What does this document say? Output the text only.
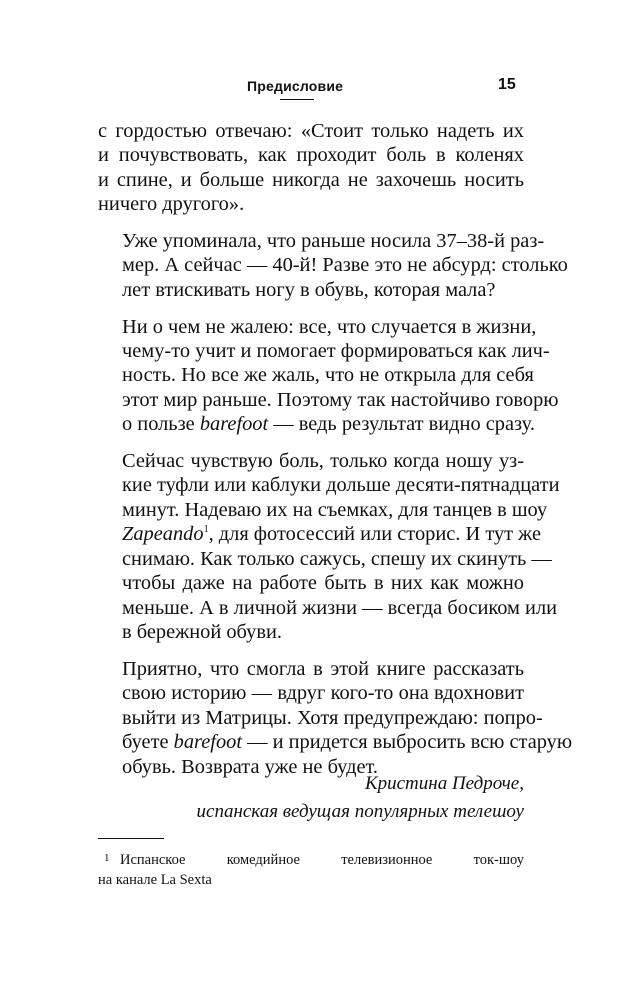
Предисловие	15

с гордостью отвечаю: «Стоит только надеть их
и почувствовать, как проходит боль в коленях
и спине, и больше никогда не захочешь носить
ничего другого».

Уже упоминала, что раньше носила 37–38-й раз-
мер. А сейчас — 40-й! Разве это не абсурд: столько
лет втискивать ногу в обувь, которая мала?

Ни о чем не жалею: все, что случается в жизни,
чему-то учит и помогает формироваться как лич-
ность. Но все же жаль, что не открыла для себя
этот мир раньше. Поэтому так настойчиво говорю
о пользе barefoot — ведь результат видно сразу.

Сейчас чувствую боль, только когда ношу уз-
кие туфли или каблуки дольше десяти-пятнадцати
минут. Надеваю их на съемках, для танцев в шоу
Zapeando$^1$, для фотосессий или сторис. И тут же
снимаю. Как только сажусь, спешу их скинуть —
чтобы даже на работе быть в них как можно
меньше. А в личной жизни — всегда босиком или
в бережной обуви.

Приятно, что смогла в этой книге рассказать
свою историю — вдруг кого-то она вдохновит
выйти из Матрицы. Хотя предупреждаю: попро-
буете barefoot — и придется выбросить всю старую
обувь. Возврата уже не будет.

Кристина Педроче,
испанская ведущая популярных телешоу
1 Испанское комедийное телевизионное ток-шоу
на канале La Sexta
